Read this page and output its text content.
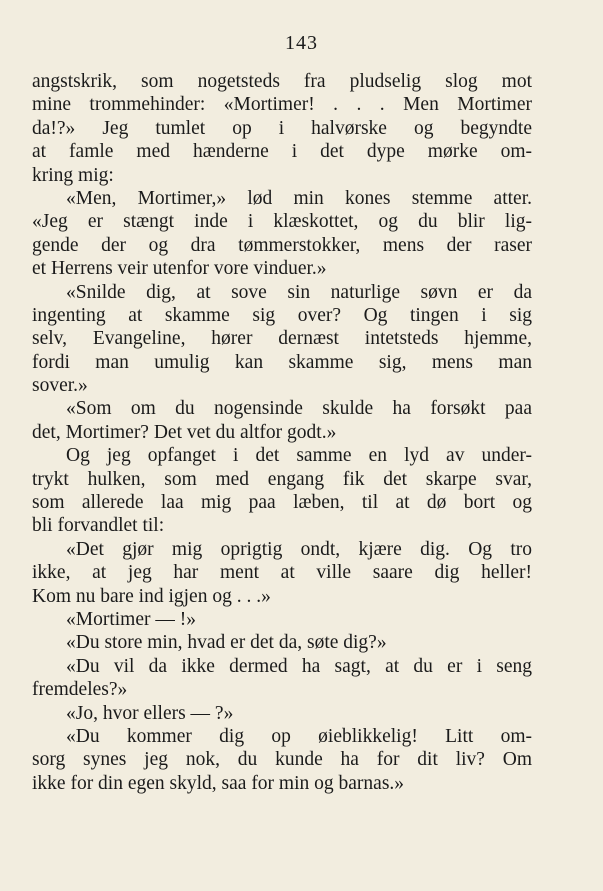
143
angstskrik, som nogetsteds fra pludselig slog mot
mine trommehinder: «Mortimer! . . . Men Mortimer
da!?» Jeg tumlet op i halvørske og begyndte
at famle med hænderne i det dype mørke om-
kring mig:
«Men, Mortimer,» lød min kones stemme atter.
«Jeg er stængt inde i klæskottet, og du blir lig-
gende der og dra tømmerstokker, mens der raser
et Herrens veir utenfor vore vinduer.»
«Snilde dig, at sove sin naturlige søvn er da
ingenting at skamme sig over? Og tingen i sig
selv, Evangeline, hører dernæst intetsteds hjemme,
fordi man umulig kan skamme sig, mens man
sover.»
«Som om du nogensinde skulde ha forsøkt paa
det, Mortimer? Det vet du altfor godt.»
Og jeg opfanget i det samme en lyd av under-
trykt hulken, som med engang fik det skarpe svar,
som allerede laa mig paa læben, til at dø bort og
bli forvandlet til:
«Det gjør mig oprigtig ondt, kjære dig. Og tro
ikke, at jeg har ment at ville saare dig heller!
Kom nu bare ind igjen og . . .»
«Mortimer — !»
«Du store min, hvad er det da, søte dig?»
«Du vil da ikke dermed ha sagt, at du er i seng
fremdeles?»
«Jo, hvor ellers — ?»
«Du kommer dig op øieblikkelig! Litt om-
sorg synes jeg nok, du kunde ha for dit liv? Om
ikke for din egen skyld, saa for min og barnas.»
